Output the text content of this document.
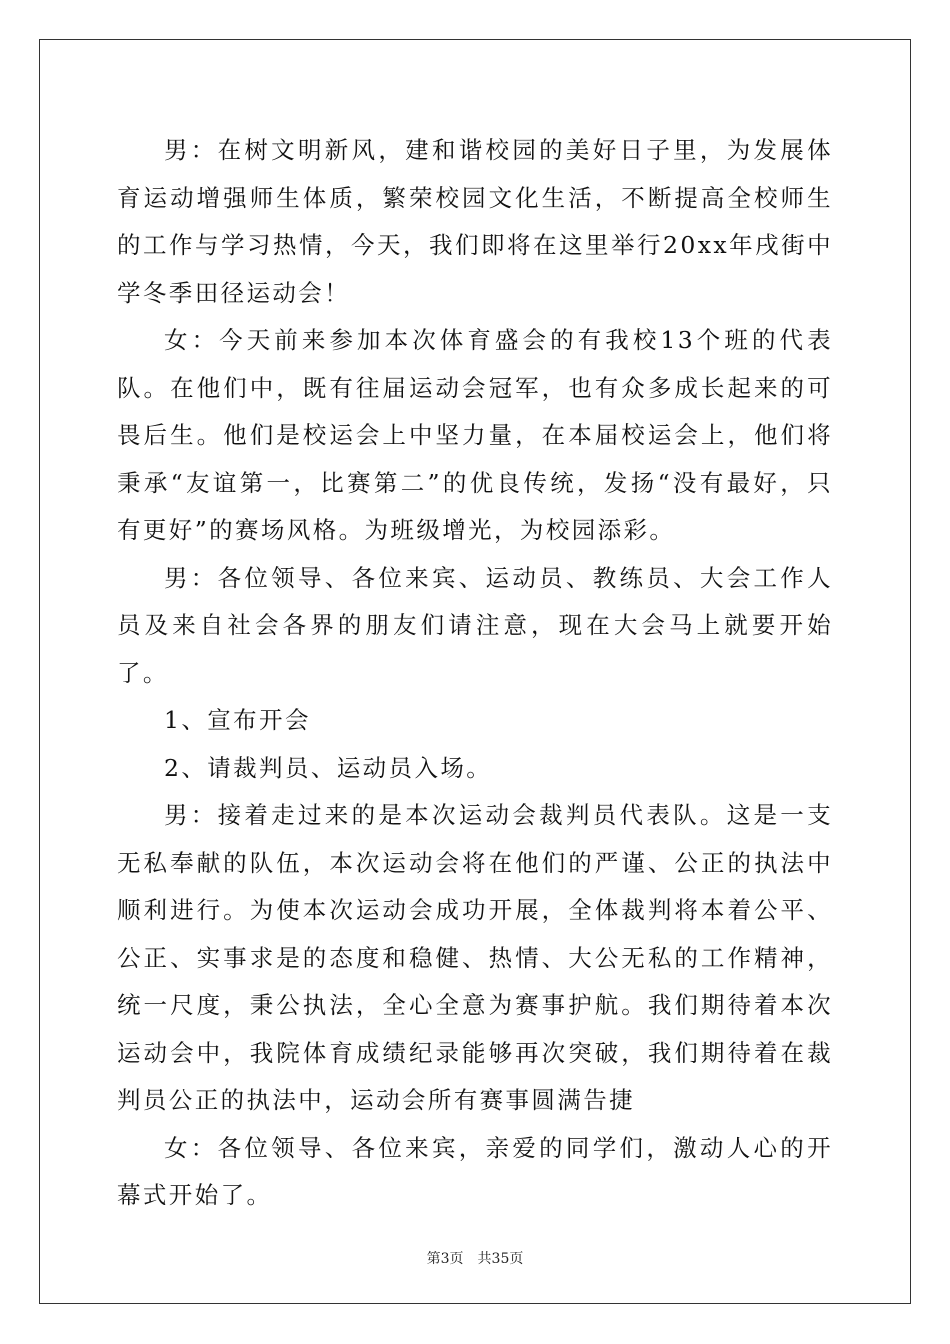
男：在树文明新风，建和谐校园的美好日子里，为发展体育运动增强师生体质，繁荣校园文化生活，不断提高全校师生的工作与学习热情，今天，我们即将在这里举行20xx年戌街中学冬季田径运动会！

女：今天前来参加本次体育盛会的有我校13个班的代表队。在他们中，既有往届运动会冠军，也有众多成长起来的可畏后生。他们是校运会上中坚力量，在本届校运会上，他们将秉承“友谊第一，比赛第二”的优良传统，发扬“没有最好，只有更好”的赛场风格。为班级增光，为校园添彩。

男：各位领导、各位来宾、运动员、教练员、大会工作人员及来自社会各界的朋友们请注意，现在大会马上就要开始了。

1、宣布开会

2、请裁判员、运动员入场。

男：接着走过来的是本次运动会裁判员代表队。这是一支无私奉献的队伍，本次运动会将在他们的严谨、公正的执法中顺利进行。为使本次运动会成功开展，全体裁判将本着公平、公正、实事求是的态度和稳健、热情、大公无私的工作精神，统一尺度，秉公执法，全心全意为赛事护航。我们期待着本次运动会中，我院体育成绩纪录能够再次突破，我们期待着在裁判员公正的执法中，运动会所有赛事圆满告捷

女：各位领导、各位来宾，亲爱的同学们，激动人心的开幕式开始了。

第3页 共35页
